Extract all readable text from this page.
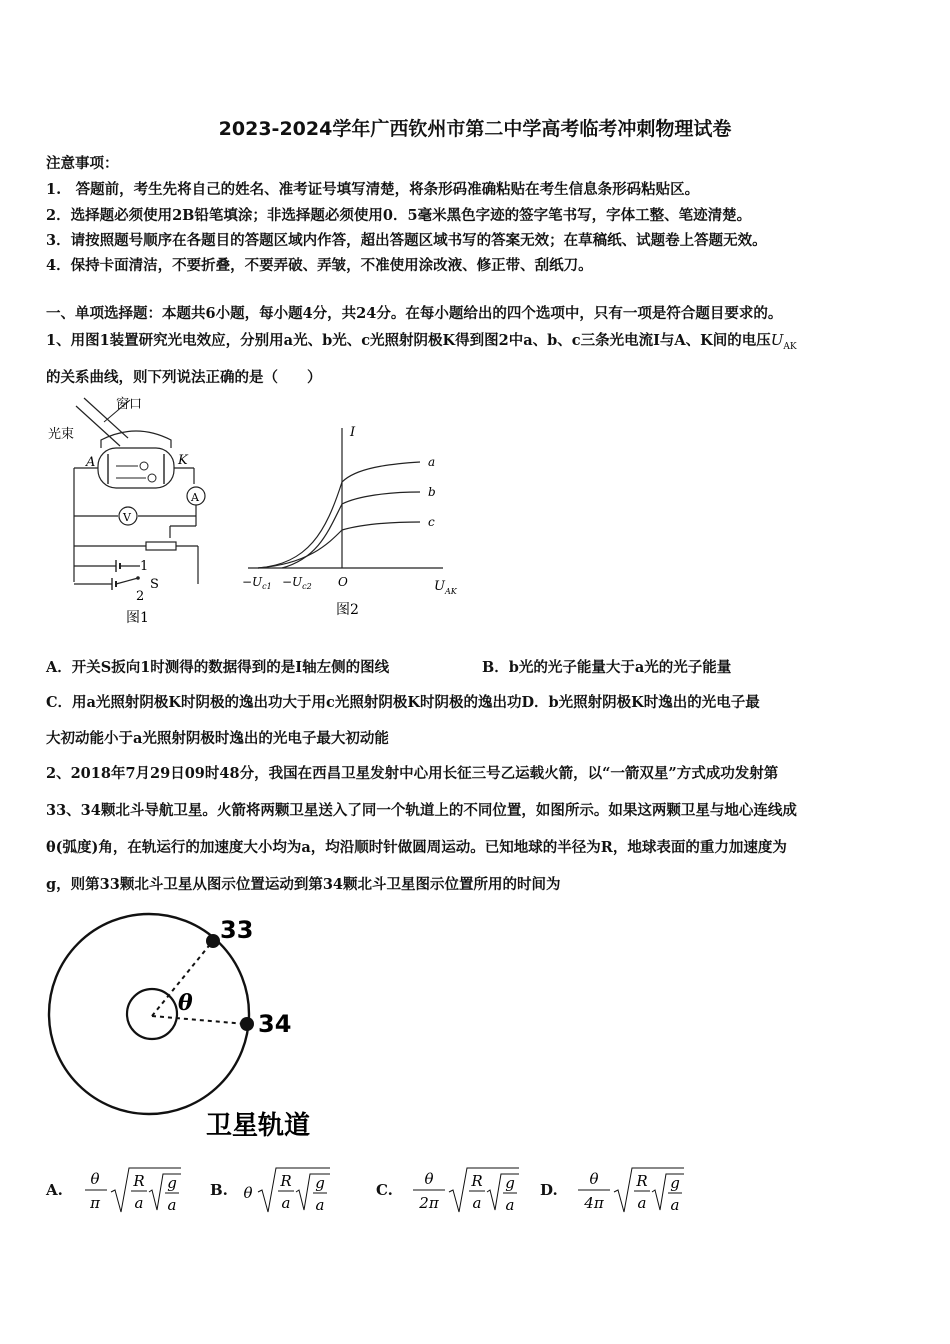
2023-2024学年广西钦州市第二中学高考临考冲刺物理试卷
注意事项：
1.　答题前，考生先将自己的姓名、准考证号填写清楚，将条形码准确粘贴在考生信息条形码粘贴区。
2．选择题必须使用2B铅笔填涂；非选择题必须使用0．5毫米黑色字迹的签字笔书写，字体工整、笔迹清楚。
3．请按照题号顺序在各题目的答题区域内作答，超出答题区域书写的答案无效；在草稿纸、试题卷上答题无效。
4．保持卡面清洁，不要折叠，不要弄破、弄皱，不准使用涂改液、修正带、刮纸刀。
一、单项选择题：本题共6小题，每小题4分，共24分。在每小题给出的四个选项中，只有一项是符合题目要求的。
1、用图1装置研究光电效应，分别用a光、b光、c光照射阴极K得到图2中a、b、c三条光电流I与A、K间的电压$U_{AK}$
的关系曲线，则下列说法正确的是（　　）
窗口
光束
A	K
A
V
1
2
S
图1
I
a
b
c
O
$-U_{c1} -U_{c2}$	$U_{AK}$
图2
A．开关S扳向1时测得的数据得到的是I轴左侧的图线	B．b光的光子能量大于a光的光子能量
C．用a光照射阴极K时阴极的逸出功大于用c光照射阴极K时阴极的逸出功D．b光照射阴极K时逸出的光电子最
大初动能小于a光照射阴极时逸出的光电子最大初动能
2、2018年7月29日09时48分，我国在西昌卫星发射中心用长征三号乙运载火箭，以“一箭双星”方式成功发射第
33、34颗北斗导航卫星。火箭将两颗卫星送入了同一个轨道上的不同位置，如图所示。如果这两颗卫星与地心连线成
θ(弧度)角，在轨运行的加速度大小均为a，均沿顺时针做圆周运动。已知地球的半径为R，地球表面的重力加速度为
g，则第33颗北斗卫星从图示位置运动到第34颗北斗卫星图示位置所用的时间为
33
34
θ
卫星轨道
A.
θ
π
R
a
g
a
B. θ
R
a
g
a
C.
θ
2π
R
a
g
a
D.
θ
4π
R
a
g
a
